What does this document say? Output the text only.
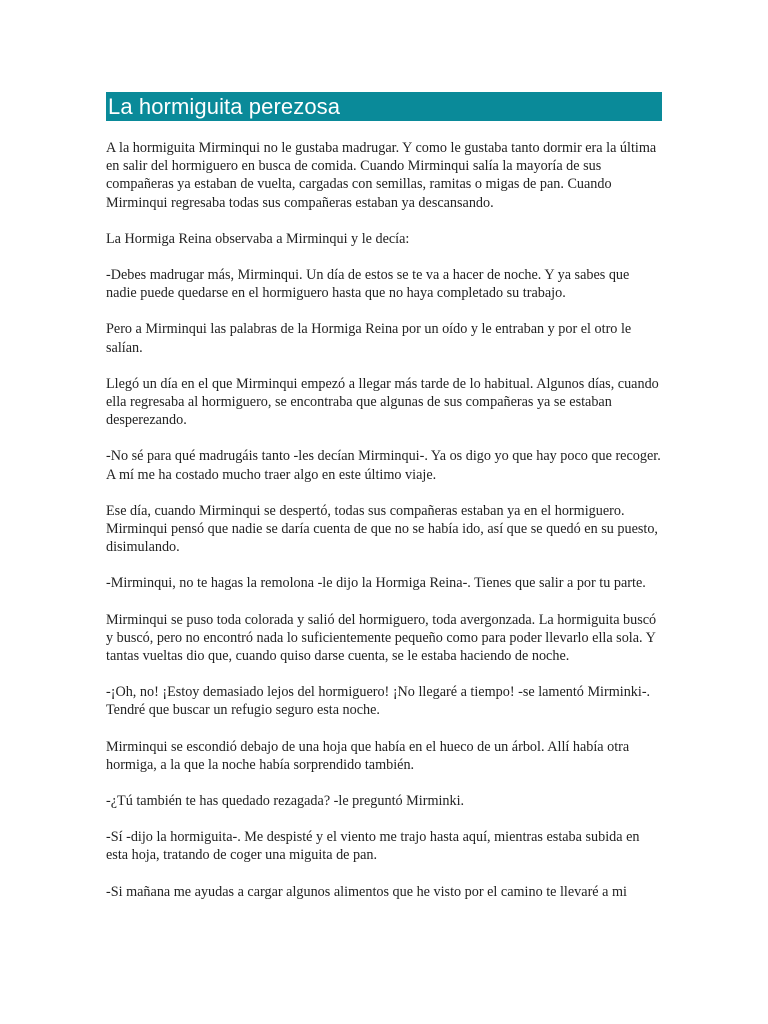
La hormiguita perezosa

A la hormiguita Mirminqui no le gustaba madrugar. Y como le gustaba tanto dormir era la última en salir del hormiguero en busca de comida. Cuando Mirminqui salía la mayoría de sus compañeras ya estaban de vuelta, cargadas con semillas, ramitas o migas de pan. Cuando Mirminqui regresaba todas sus compañeras estaban ya descansando.

La Hormiga Reina observaba a Mirminqui y le decía:

-Debes madrugar más, Mirminqui. Un día de estos se te va a hacer de noche. Y ya sabes que nadie puede quedarse en el hormiguero hasta que no haya completado su trabajo.

Pero a Mirminqui las palabras de la Hormiga Reina por un oído y le entraban y por el otro le salían.

Llegó un día en el que Mirminqui empezó a llegar más tarde de lo habitual. Algunos días, cuando ella regresaba al hormiguero, se encontraba que algunas de sus compañeras ya se estaban desperezando.

-No sé para qué madrugáis tanto -les decían Mirminqui-. Ya os digo yo que hay poco que recoger. A mí me ha costado mucho traer algo en este último viaje.

Ese día, cuando Mirminqui se despertó, todas sus compañeras estaban ya en el hormiguero. Mirminqui pensó que nadie se daría cuenta de que no se había ido, así que se quedó en su puesto, disimulando.

-Mirminqui, no te hagas la remolona -le dijo la Hormiga Reina-. Tienes que salir a por tu parte.

Mirminqui se puso toda colorada y salió del hormiguero, toda avergonzada. La hormiguita buscó y buscó, pero no encontró nada lo suficientemente pequeño como para poder llevarlo ella sola. Y tantas vueltas dio que, cuando quiso darse cuenta, se le estaba haciendo de noche.

-¡Oh, no! ¡Estoy demasiado lejos del hormiguero! ¡No llegaré a tiempo! -se lamentó Mirminki-. Tendré que buscar un refugio seguro esta noche.

Mirminqui se escondió debajo de una hoja que había en el hueco de un árbol. Allí había otra hormiga, a la que la noche había sorprendido también.

-¿Tú también te has quedado rezagada? -le preguntó Mirminki.

-Sí -dijo la hormiguita-. Me despisté y el viento me trajo hasta aquí, mientras estaba subida en esta hoja, tratando de coger una miguita de pan.

-Si mañana me ayudas a cargar algunos alimentos que he visto por el camino te llevaré a mi
